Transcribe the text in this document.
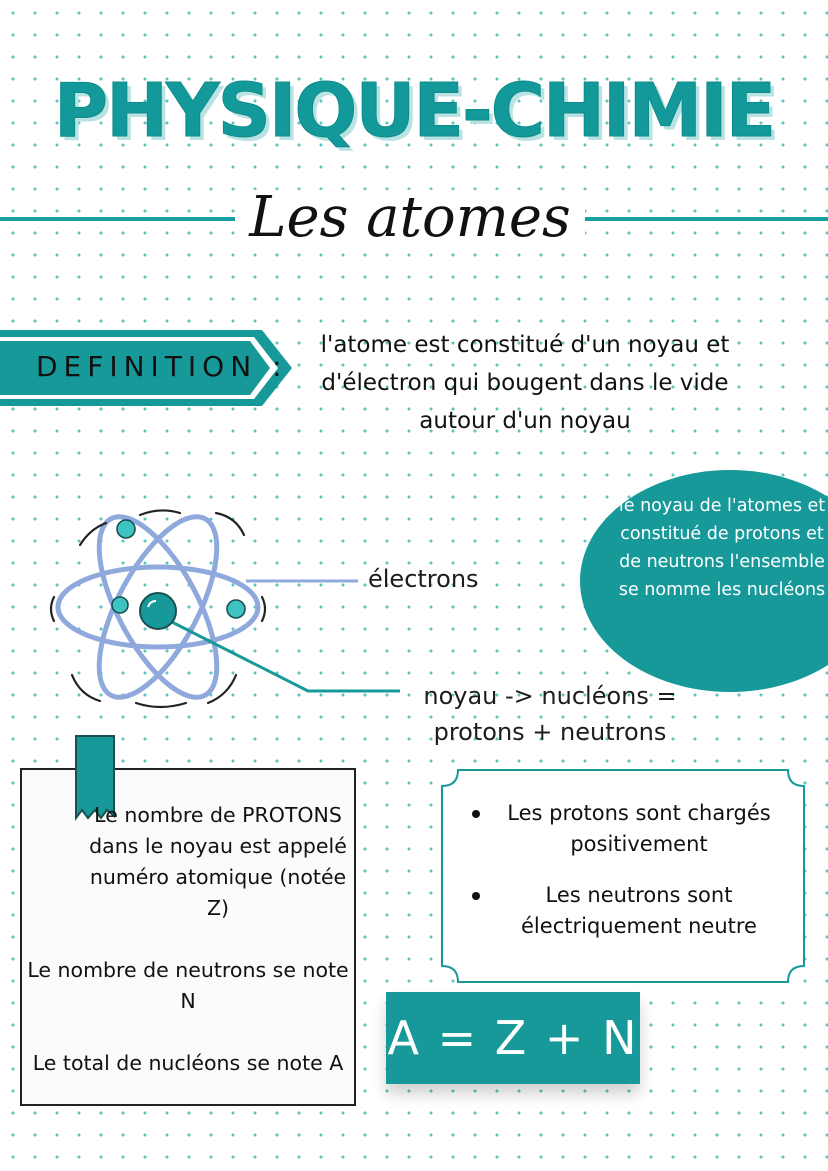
PHYSIQUE-CHIMIE
Les atomes
DEFINITION :
l'atome est constitué d'un noyau et d'électron qui bougent dans le vide autour d'un noyau
électrons
noyau -> nucléons =
protons + neutrons
le noyau de l'atomes et constitué de protons et de neutrons l'ensemble se nomme les nucléons

Le nombre de PROTONS dans le noyau est appelé numéro atomique (notée Z)

Le nombre de neutrons se note N

Le total de nucléons se note A

Les protons sont chargés positivement
Les neutrons sont électriquement neutre
A = Z + N
